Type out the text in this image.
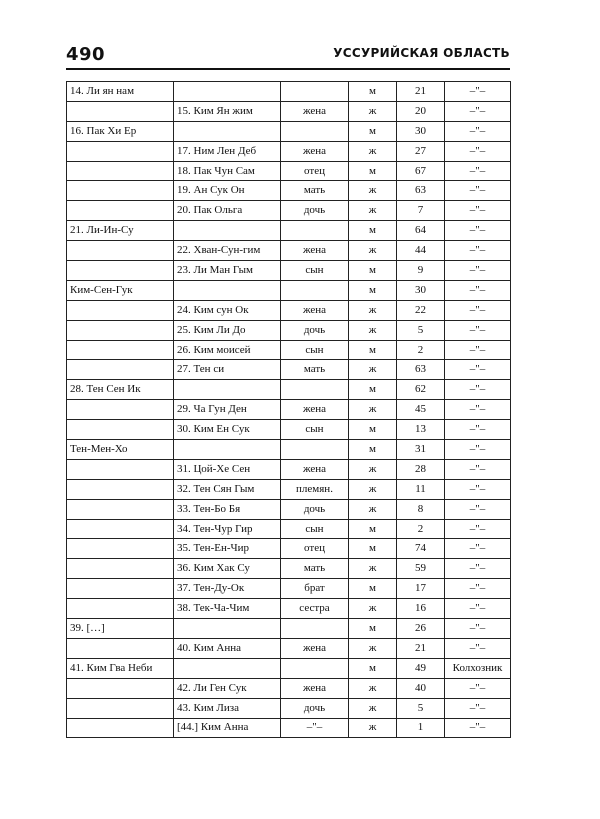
490	УССУРИЙСКАЯ ОБЛАСТЬ
14. Ли ян нам			м	21	–"–
	15. Ким Ян жим	жена	ж	20	–"–
16. Пак Хи Ер			м	30	–"–
	17. Ним Лен Деб	жена	ж	27	–"–
	18. Пак Чун Сам	отец	м	67	–"–
	19. Ан Сук Он	мать	ж	63	–"–
	20. Пак Ольга	дочь	ж	7	–"–
21. Ли-Ин-Су			м	64	–"–
	22. Хван-Сун-гим	жена	ж	44	–"–
	23. Ли Ман Гым	сын	м	9	–"–
Ким-Сен-Гук			м	30	–"–
	24. Ким сун Ок	жена	ж	22	–"–
	25. Ким Ли До	дочь	ж	5	–"–
	26. Ким моисей	сын	м	2	–"–
	27. Тен си	мать	ж	63	–"–
28. Тен Сен Ик			м	62	–"–
	29. Ча Гун Ден	жена	ж	45	–"–
	30. Ким Ен Сук	сын	м	13	–"–
Тен-Мен-Хо			м	31	–"–
	31. Цой-Хе Сен	жена	ж	28	–"–
	32. Тен Сян Гым	племян.	ж	11	–"–
	33. Тен-Бо Бя	дочь	ж	8	–"–
	34. Тен-Чур Гир	сын	м	2	–"–
	35. Тен-Ен-Чир	отец	м	74	–"–
	36. Ким Хак Су	мать	ж	59	–"–
	37. Тен-Ду-Ок	брат	м	17	–"–
	38. Тек-Ча-Чим	сестра	ж	16	–"–
39. […]			м	26	–"–
	40. Ким Анна	жена	ж	21	–"–
41. Ким Гва Неби			м	49	Колхозник
	42. Ли Ген Сук	жена	ж	40	–"–
	43. Ким Лиза	дочь	ж	5	–"–
	[44.] Ким Анна	–"–	ж	1	–"–
